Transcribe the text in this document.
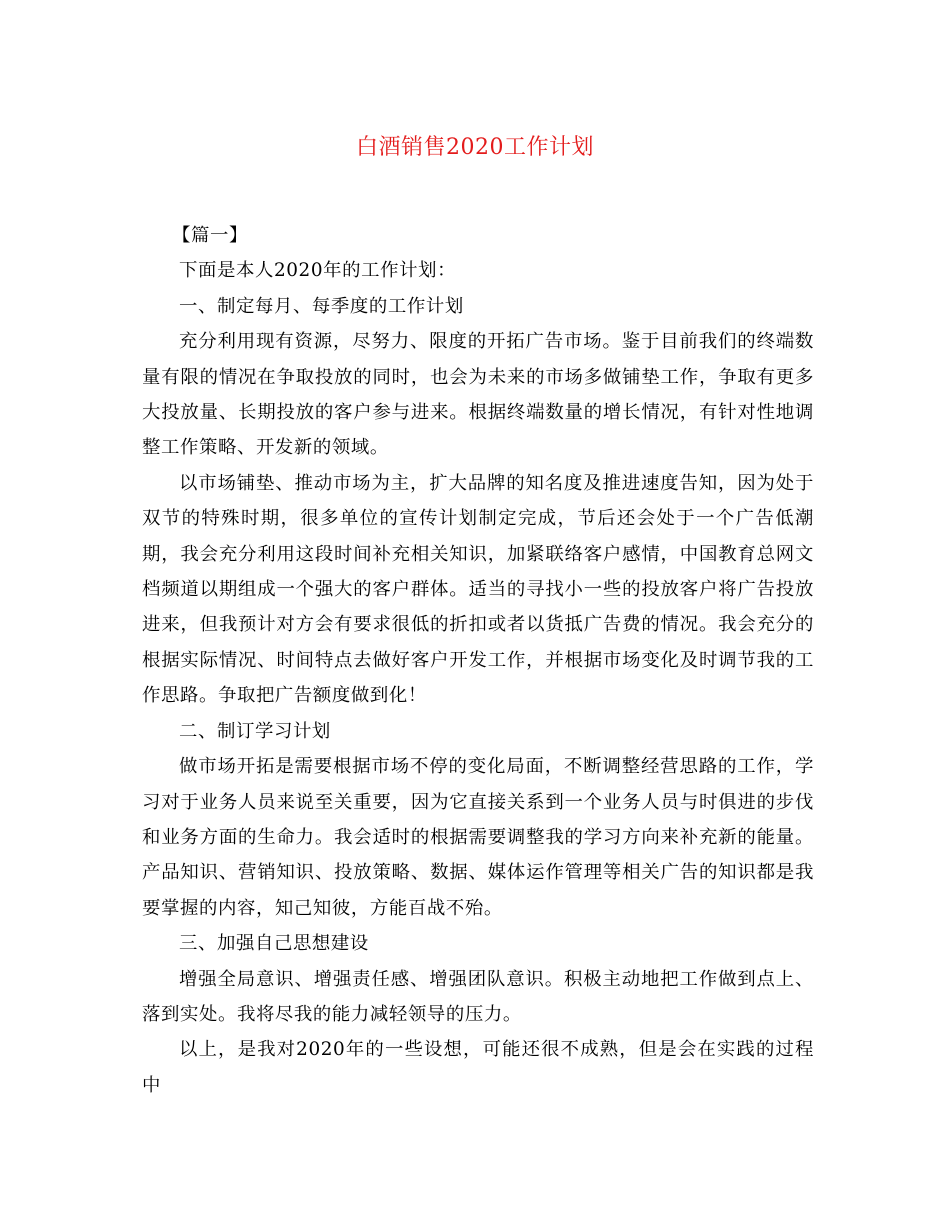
白酒销售2020工作计划

【篇一】

下面是本人2020年的工作计划：

一、制定每月、每季度的工作计划

充分利用现有资源，尽努力、限度的开拓广告市场。鉴于目前我们的终端数量有限的情况在争取投放的同时，也会为未来的市场多做铺垫工作，争取有更多大投放量、长期投放的客户参与进来。根据终端数量的增长情况，有针对性地调整工作策略、开发新的领域。

以市场铺垫、推动市场为主，扩大品牌的知名度及推进速度告知，因为处于双节的特殊时期，很多单位的宣传计划制定完成，节后还会处于一个广告低潮期，我会充分利用这段时间补充相关知识，加紧联络客户感情，中国教育总网文档频道以期组成一个强大的客户群体。适当的寻找小一些的投放客户将广告投放进来，但我预计对方会有要求很低的折扣或者以货抵广告费的情况。我会充分的根据实际情况、时间特点去做好客户开发工作，并根据市场变化及时调节我的工作思路。争取把广告额度做到化！

二、制订学习计划

做市场开拓是需要根据市场不停的变化局面，不断调整经营思路的工作，学习对于业务人员来说至关重要，因为它直接关系到一个业务人员与时俱进的步伐和业务方面的生命力。我会适时的根据需要调整我的学习方向来补充新的能量。产品知识、营销知识、投放策略、数据、媒体运作管理等相关广告的知识都是我要掌握的内容，知己知彼，方能百战不殆。

三、加强自己思想建设

增强全局意识、增强责任感、增强团队意识。积极主动地把工作做到点上、落到实处。我将尽我的能力减轻领导的压力。

以上，是我对2020年的一些设想，可能还很不成熟，但是会在实践的过程中
